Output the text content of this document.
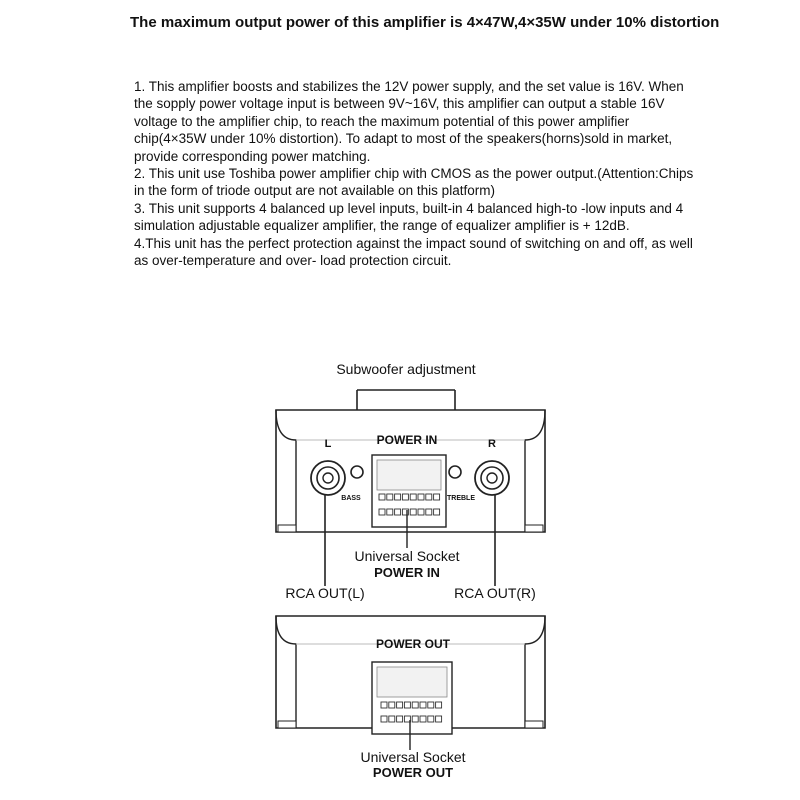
The maximum output power of this amplifier is 4×47W,4×35W under 10% distortion

1. This amplifier boosts and stabilizes the 12V power supply, and the set value is 16V. When the sopply power voltage input is between 9V~16V, this amplifier can output a stable 16V voltage to the amplifier chip, to reach the maximum potential of this power amplifier chip(4×35W under 10% distortion). To adapt to most of the speakers(horns)sold in market, provide corresponding power matching.

2. This unit use Toshiba power amplifier chip with CMOS as the power output.(Attention:Chips in the form of triode output are not available on this platform)

3. This unit supports 4 balanced up level inputs, built-in 4 balanced high-to -low inputs and 4 simulation adjustable equalizer amplifier, the range of equalizer amplifier is + 12dB.

4.This unit has the perfect protection against the impact sound of switching on and off, as well as over-temperature and over- load protection circuit.

Subwoofer adjustment
POWER IN
L	R
BASS	TREBLE
Universal Socket
POWER IN
RCA OUT(L)	RCA OUT(R)
POWER OUT
Universal Socket
POWER OUT
